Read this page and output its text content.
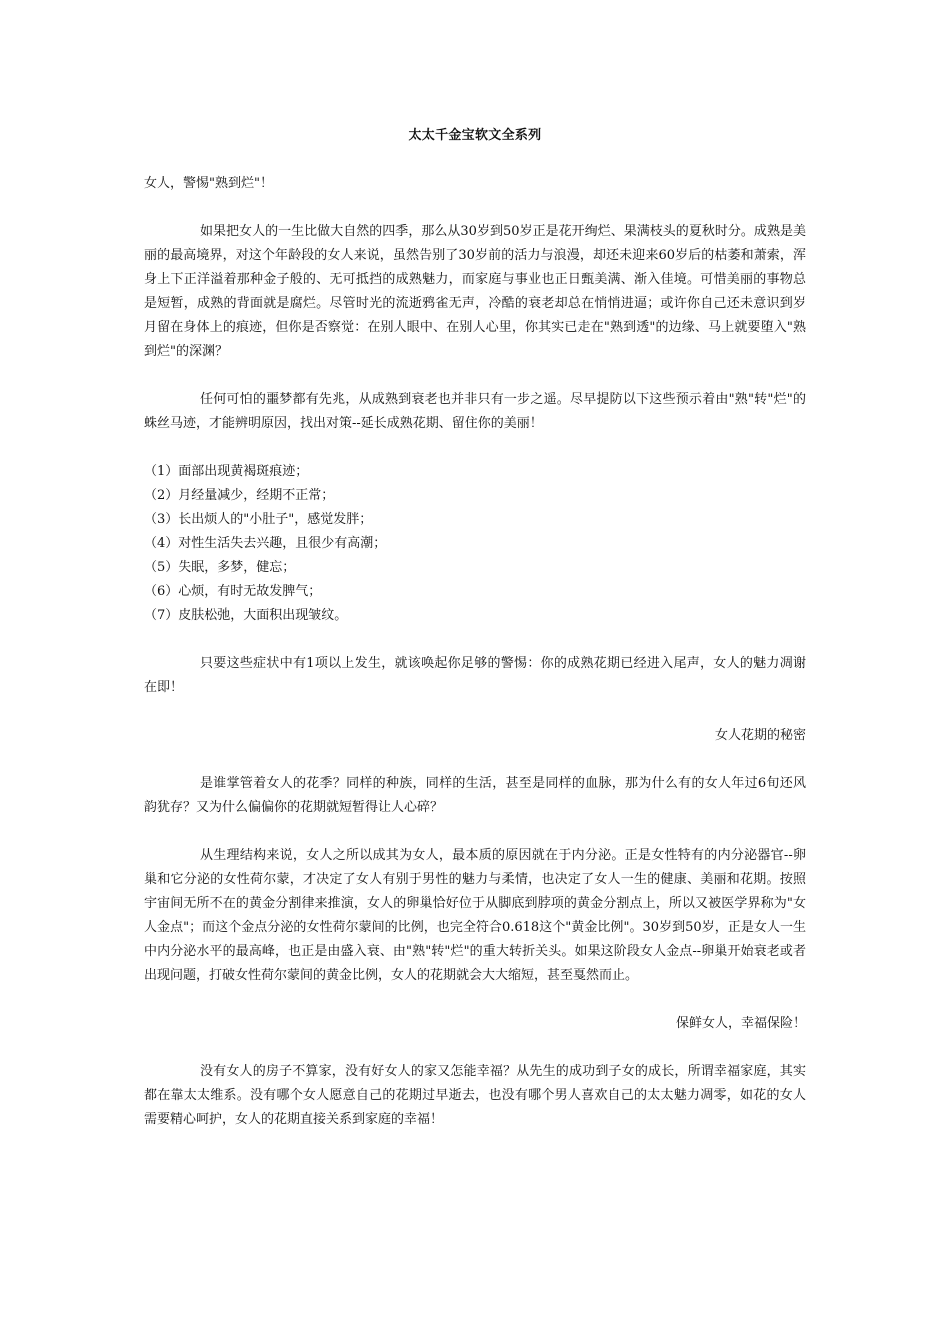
太太千金宝软文全系列
女人，警惕"熟到烂"！

如果把女人的一生比做大自然的四季，那么从30岁到50岁正是花开绚烂、果满枝头的夏秋时分。成熟是美丽的最高境界，对这个年龄段的女人来说，虽然告别了30岁前的活力与浪漫，却还未迎来60岁后的枯萎和萧索，浑身上下正洋溢着那种金子般的、无可抵挡的成熟魅力，而家庭与事业也正日甄美满、渐入佳境。可惜美丽的事物总是短暂，成熟的背面就是腐烂。尽管时光的流逝鸦雀无声，冷酷的衰老却总在悄悄进逼；或许你自己还未意识到岁月留在身体上的痕迹，但你是否察觉：在别人眼中、在别人心里，你其实已走在"熟到透"的边缘、马上就要堕入"熟到烂"的深渊？

任何可怕的噩梦都有先兆，从成熟到衰老也并非只有一步之遥。尽早提防以下这些预示着由"熟"转"烂"的蛛丝马迹，才能辨明原因，找出对策--延长成熟花期、留住你的美丽！

（1）面部出现黄褐斑痕迹；
（2）月经量减少，经期不正常；
（3）长出烦人的"小肚子"，感觉发胖；
（4）对性生活失去兴趣，且很少有高潮；
（5）失眠，多梦，健忘；
（6）心烦，有时无故发脾气；
（7）皮肤松弛，大面积出现皱纹。

只要这些症状中有1项以上发生，就该唤起你足够的警惕：你的成熟花期已经进入尾声，女人的魅力凋谢在即！

女人花期的秘密

是谁掌管着女人的花季？同样的种族，同样的生活，甚至是同样的血脉，那为什么有的女人年过6旬还风韵犹存？又为什么偏偏你的花期就短暂得让人心碎？

从生理结构来说，女人之所以成其为女人，最本质的原因就在于内分泌。正是女性特有的内分泌器官--卵巢和它分泌的女性荷尔蒙，才决定了女人有别于男性的魅力与柔情，也决定了女人一生的健康、美丽和花期。按照宇宙间无所不在的黄金分割律来推演，女人的卵巢恰好位于从脚底到脖项的黄金分割点上，所以又被医学界称为"女人金点"；而这个金点分泌的女性荷尔蒙间的比例，也完全符合0.618这个"黄金比例"。30岁到50岁，正是女人一生中内分泌水平的最高峰，也正是由盛入衰、由"熟"转"烂"的重大转折关头。如果这阶段女人金点--卵巢开始衰老或者出现问题，打破女性荷尔蒙间的黄金比例，女人的花期就会大大缩短，甚至戛然而止。

保鲜女人，幸福保险！

没有女人的房子不算家，没有好女人的家又怎能幸福？从先生的成功到子女的成长，所谓幸福家庭，其实都在靠太太维系。没有哪个女人愿意自己的花期过早逝去，也没有哪个男人喜欢自己的太太魅力凋零，如花的女人需要精心呵护，女人的花期直接关系到家庭的幸福！
